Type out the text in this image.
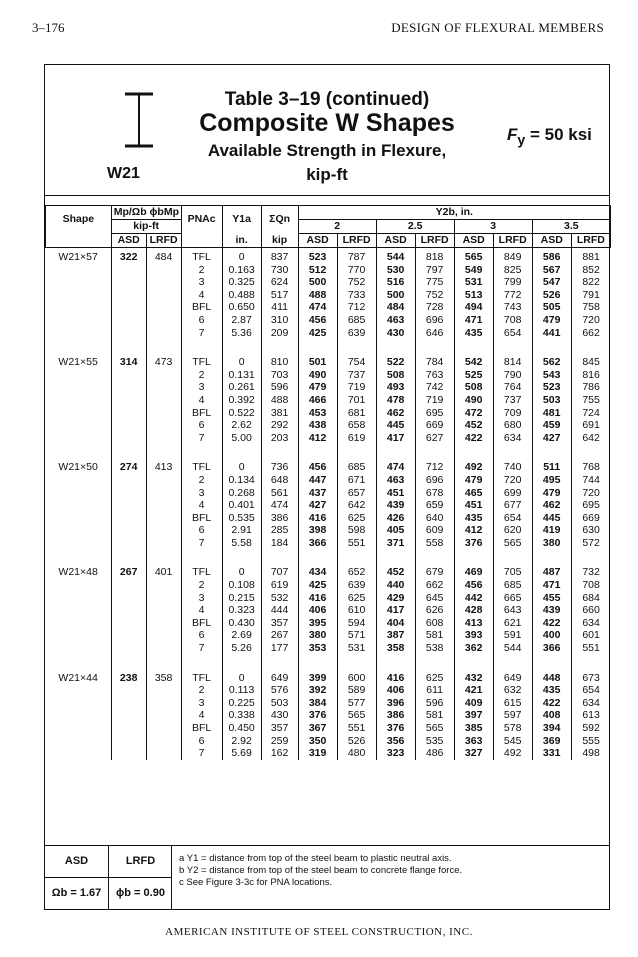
3–176	DESIGN OF FLEXURAL MEMBERS
W21
Table 3–19 (continued)
Composite W Shapes
Available Strength in Flexure,
kip-ft
$F_y = 50$ ksi
Shape	Mp/Ωb ϕbMp		PNAc	Y1a	ΣQn	Y2b, in.							
	kip-ft					2		2.5		3		3.5	
	ASD	LRFD		in.	kip	ASD	LRFD	ASD	LRFD	ASD	LRFD	ASD	LRFD
W21×57	322	484	TFL	0	837	523	787	544	818	565	849	586	881
			2	0.163	730	512	770	530	797	549	825	567	852
			3	0.325	624	500	752	516	775	531	799	547	822
			4	0.488	517	488	733	500	752	513	772	526	791
			BFL	0.650	411	474	712	484	728	494	743	505	758
			6	2.87	310	456	685	463	696	471	708	479	720
			7	5.36	209	425	639	430	646	435	654	441	662

W21×55	314	473	TFL	0	810	501	754	522	784	542	814	562	845
			2	0.131	703	490	737	508	763	525	790	543	816
			3	0.261	596	479	719	493	742	508	764	523	786
			4	0.392	488	466	701	478	719	490	737	503	755
			BFL	0.522	381	453	681	462	695	472	709	481	724
			6	2.62	292	438	658	445	669	452	680	459	691
			7	5.00	203	412	619	417	627	422	634	427	642

W21×50	274	413	TFL	0	736	456	685	474	712	492	740	511	768
			2	0.134	648	447	671	463	696	479	720	495	744
			3	0.268	561	437	657	451	678	465	699	479	720
			4	0.401	474	427	642	439	659	451	677	462	695
			BFL	0.535	386	416	625	426	640	435	654	445	669
			6	2.91	285	398	598	405	609	412	620	419	630
			7	5.58	184	366	551	371	558	376	565	380	572

W21×48	267	401	TFL	0	707	434	652	452	679	469	705	487	732
			2	0.108	619	425	639	440	662	456	685	471	708
			3	0.215	532	416	625	429	645	442	665	455	684
			4	0.323	444	406	610	417	626	428	643	439	660
			BFL	0.430	357	395	594	404	608	413	621	422	634
			6	2.69	267	380	571	387	581	393	591	400	601
			7	5.26	177	353	531	358	538	362	544	366	551

W21×44	238	358	TFL	0	649	399	600	416	625	432	649	448	673
			2	0.113	576	392	589	406	611	421	632	435	654
			3	0.225	503	384	577	396	596	409	615	422	634
			4	0.338	430	376	565	386	581	397	597	408	613
			BFL	0.450	357	367	551	376	565	385	578	394	592
			6	2.92	259	350	526	356	535	363	545	369	555
			7	5.69	162	319	480	323	486	327	492	331	498
ASD	LRFD
Ωb = 1.67	ϕb = 0.90
a Y1 = distance from top of the steel beam to plastic neutral axis.
b Y2 = distance from top of the steel beam to concrete flange force.
c See Figure 3-3c for PNA locations.
AMERICAN INSTITUTE OF STEEL CONSTRUCTION, INC.
